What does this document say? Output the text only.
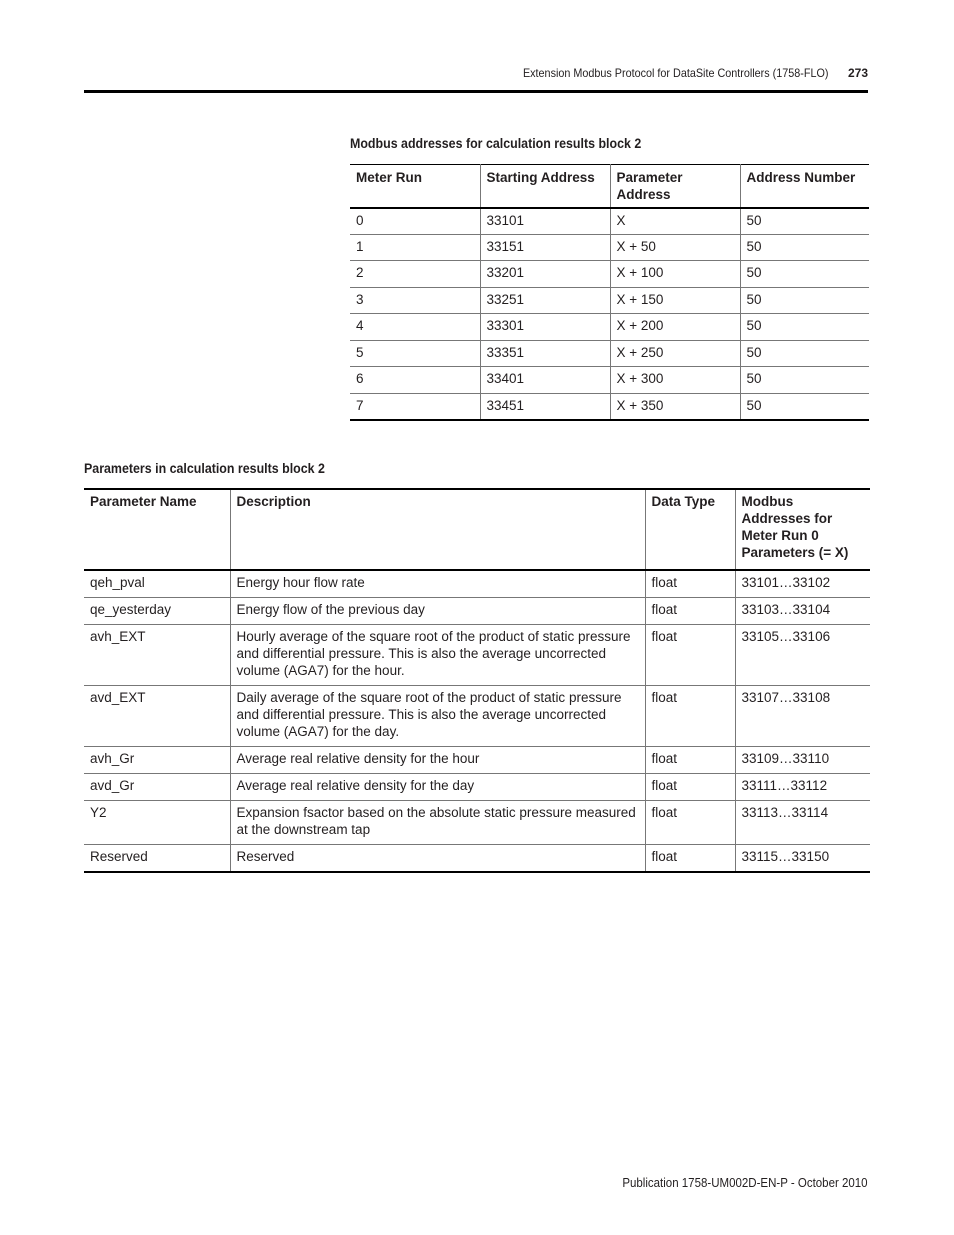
Extension Modbus Protocol for DataSite Controllers (1758-FLO) 273
Modbus addresses for calculation results block 2
Meter Run	Starting Address	Parameter Address	Address Number
0	33101	X	50
1	33151	X + 50	50
2	33201	X + 100	50
3	33251	X + 150	50
4	33301	X + 200	50
5	33351	X + 250	50
6	33401	X + 300	50
7	33451	X + 350	50
Parameters in calculation results block 2
Parameter Name	Description	Data Type	Modbus Addresses for Meter Run 0 Parameters (= X)
qeh_pval	Energy hour flow rate	float	33101…33102
qe_yesterday	Energy flow of the previous day	float	33103…33104
avh_EXT	Hourly average of the square root of the product of static pressure and differential pressure. This is also the average uncorrected volume (AGA7) for the hour.	float	33105…33106
avd_EXT	Daily average of the square root of the product of static pressure and differential pressure. This is also the average uncorrected volume (AGA7) for the day.	float	33107…33108
avh_Gr	Average real relative density for the hour	float	33109…33110
avd_Gr	Average real relative density for the day	float	33111…33112
Y2	Expansion fsactor based on the absolute static pressure measured at the downstream tap	float	33113…33114
Reserved	Reserved	float	33115…33150
Publication 1758-UM002D-EN-P - October 2010
